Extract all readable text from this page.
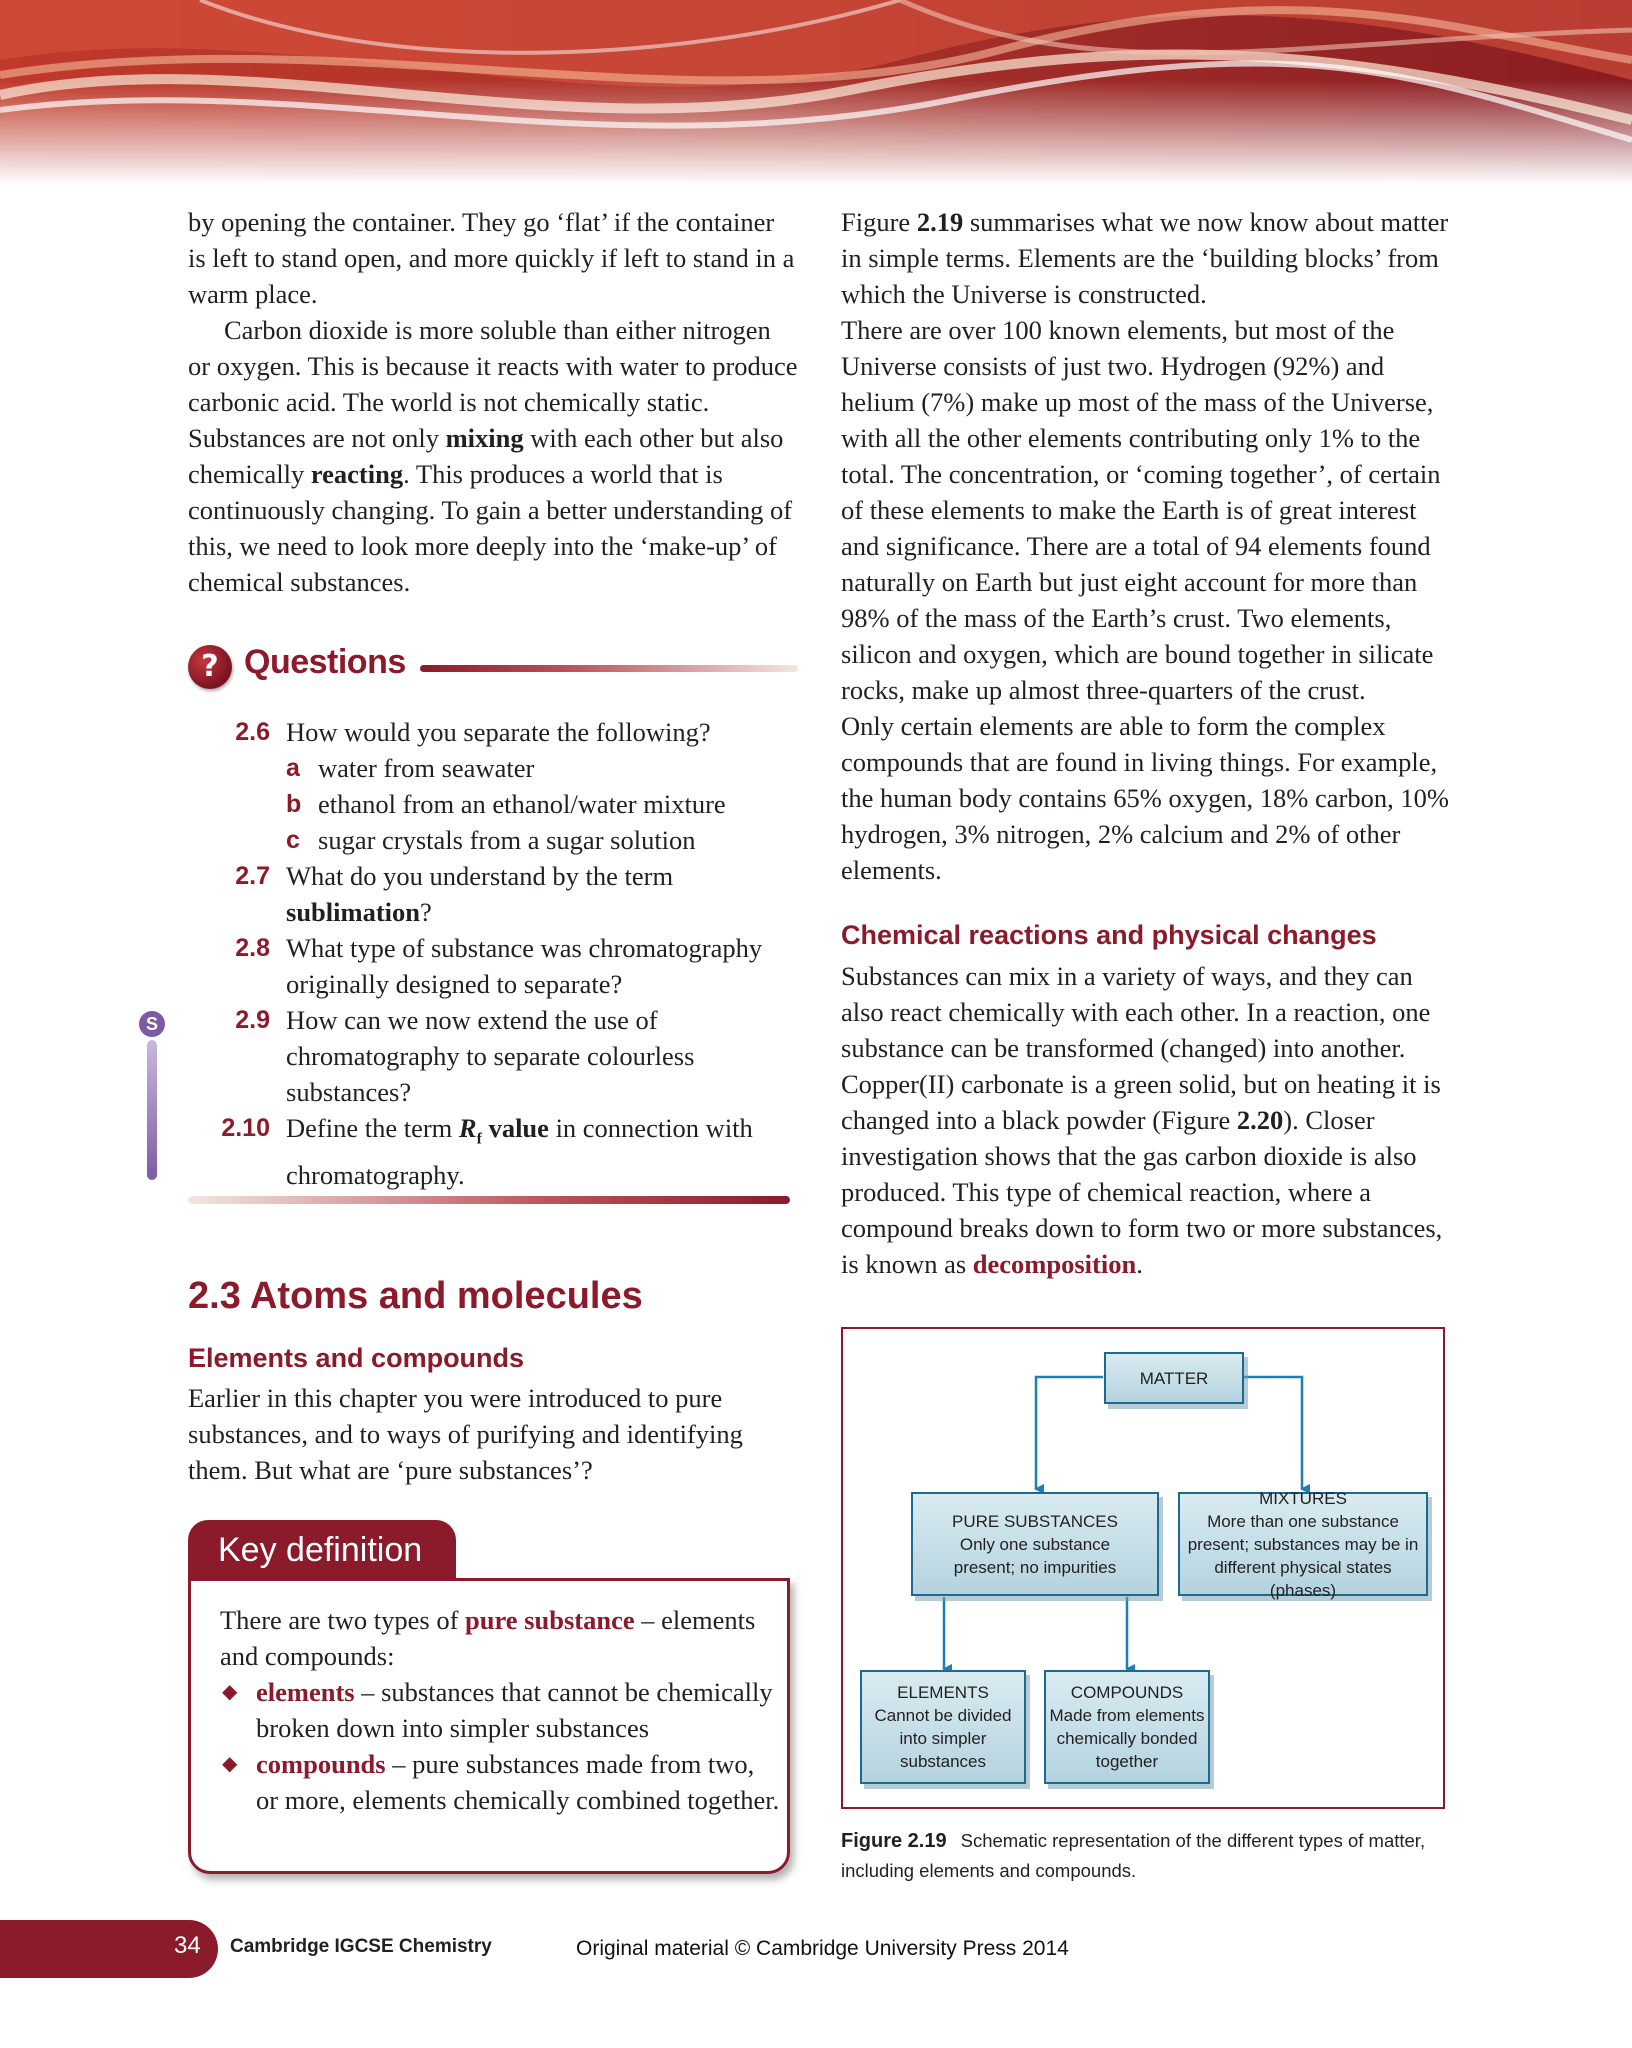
by opening the container. They go ‘flat’ if the container is left to stand open, and more quickly if left to stand in a warm place.

Carbon dioxide is more soluble than either nitrogen or oxygen. This is because it reacts with water to produce carbonic acid. The world is not chemically static. Substances are not only mixing with each other but also chemically reacting. This produces a world that is continuously changing. To gain a better understanding of this, we need to look more deeply into the ‘make-up’ of chemical substances.

? Questions
2.6 How would you separate the following?
a water from seawater
b ethanol from an ethanol/water mixture
c sugar crystals from a sugar solution
2.7 What do you understand by the term sublimation?
2.8 What type of substance was chromatography originally designed to separate?
2.9 How can we now extend the use of chromatography to separate colourless substances?
2.10 Define the term $R_f$ value in connection with chromatography.
S
2.3 Atoms and molecules
Elements and compounds
Earlier in this chapter you were introduced to pure substances, and to ways of purifying and identifying them. But what are ‘pure substances’?
Key definition
There are two types of pure substance – elements and compounds:
◆ elements – substances that cannot be chemically broken down into simpler substances
◆ compounds – pure substances made from two, or more, elements chemically combined together.

Figure 2.19 summarises what we now know about matter in simple terms. Elements are the ‘building blocks’ from which the Universe is constructed.

There are over 100 known elements, but most of the Universe consists of just two. Hydrogen (92%) and helium (7%) make up most of the mass of the Universe, with all the other elements contributing only 1% to the total. The concentration, or ‘coming together’, of certain of these elements to make the Earth is of great interest and significance. There are a total of 94 elements found naturally on Earth but just eight account for more than 98% of the mass of the Earth’s crust. Two elements, silicon and oxygen, which are bound together in silicate rocks, make up almost three-quarters of the crust.

Only certain elements are able to form the complex compounds that are found in living things. For example, the human body contains 65% oxygen, 18% carbon, 10% hydrogen, 3% nitrogen, 2% calcium and 2% of other elements.

Chemical reactions and physical changes
Substances can mix in a variety of ways, and they can also react chemically with each other. In a reaction, one substance can be transformed (changed) into another. Copper(II) carbonate is a green solid, but on heating it is changed into a black powder (Figure 2.20). Closer investigation shows that the gas carbon dioxide is also produced. This type of chemical reaction, where a compound breaks down to form two or more substances, is known as decomposition.
MATTER
PURE SUBSTANCES
Only one substance
present; no impurities
MIXTURES
More than one substance
present; substances may be in
different physical states (phases)
ELEMENTS
Cannot be divided
into simpler
substances
COMPOUNDS
Made from elements
chemically bonded
together
Figure 2.19 Schematic representation of the different types of matter, including elements and compounds.
34 Cambridge IGCSE Chemistry	Original material © Cambridge University Press 2014
